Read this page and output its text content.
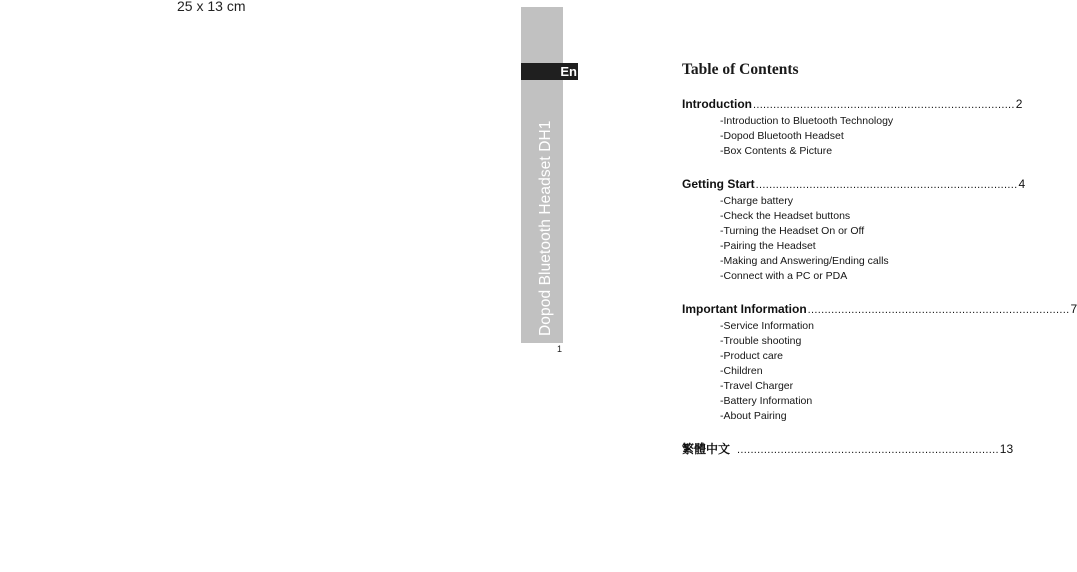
25 x 13 cm
Dopod Bluetooth Headset DH1
En
1
Table of Contents
Introduction .............................................................................. 2
-Introduction to Bluetooth Technology
-Dopod Bluetooth Headset
-Box Contents & Picture
Getting Start .............................................................................. 4
-Charge battery
-Check the Headset buttons
-Turning the Headset On or Off
-Pairing the Headset
-Making and Answering/Ending calls
-Connect with a PC or PDA
Important Information .............................................................................. 7
-Service Information
-Trouble shooting
-Product care
-Children
-Travel Charger
-Battery Information
-About Pairing
繁體中文 .............................................................................. 13
